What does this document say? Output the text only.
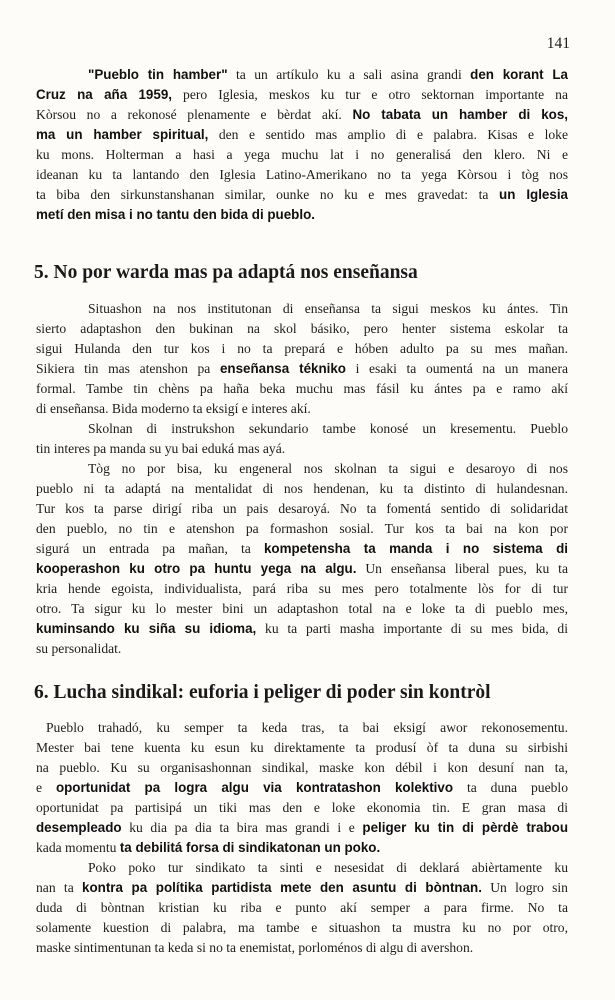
141
"Pueblo tin hamber" ta un artíkulo ku a sali asina grandi den korant La
Cruz na aña 1959, pero Iglesia, meskos ku tur e otro sektornan importante na
Kòrsou no a rekonosé plenamente e bèrdat akí. No tabata un hamber di kos,
ma un hamber spiritual, den e sentido mas amplio di e palabra. Kisas e loke
ku mons. Holterman a hasi a yega muchu lat i no generalisá den klero. Ni e
ideanan ku ta lantando den Iglesia Latino-Amerikano no ta yega Kòrsou i tòg nos
ta biba den sirkunstanshanan similar, ounke no ku e mes gravedat: ta un Iglesia
metí den misa i no tantu den bida di pueblo.
5. No por warda mas pa adaptá nos enseñansa
Situashon na nos institutonan di enseñansa ta sigui meskos ku ántes. Tin
sierto adaptashon den bukinan na skol básiko, pero henter sistema eskolar ta
sigui Hulanda den tur kos i no ta prepará e hóben adulto pa su mes mañan.
Sikiera tin mas atenshon pa enseñansa tékniko i esaki ta oumentá na un manera
formal. Tambe tin chèns pa haña beka muchu mas fásil ku ántes pa e ramo akí
di enseñansa. Bida moderno ta eksigí e interes akí.
Skolnan di instrukshon sekundario tambe konosé un kresementu. Pueblo
tin interes pa manda su yu bai eduká mas ayá.
Tòg no por bisa, ku engeneral nos skolnan ta sigui e desaroyo di nos
pueblo ni ta adaptá na mentalidat di nos hendenan, ku ta distinto di hulandesnan.
Tur kos ta parse dirigí riba un pais desaroyá. No ta fomentá sentido di solidaridat
den pueblo, no tin e atenshon pa formashon sosial. Tur kos ta bai na kon por
sigurá un entrada pa mañan, ta kompetensha ta manda i no sistema di
kooperashon ku otro pa huntu yega na algu. Un enseñansa liberal pues, ku ta
kria hende egoista, individualista, pará riba su mes pero totalmente lòs for di tur
otro. Ta sigur ku lo mester bini un adaptashon total na e loke ta di pueblo mes,
kuminsando ku siña su idioma, ku ta parti masha importante di su mes bida, di
su personalidat.
6. Lucha sindikal: euforia i peliger di poder sin kontròl
Pueblo trahadó, ku semper ta keda tras, ta bai eksigí awor rekonosementu.
Mester bai tene kuenta ku esun ku direktamente ta produsí òf ta duna su sirbishi
na pueblo. Ku su organisashonnan sindikal, maske kon débil i kon desuní nan ta,
e oportunidat pa logra algu via kontratashon kolektivo ta duna pueblo
oportunidat pa partisipá un tiki mas den e loke ekonomia tin. E gran masa di
desempleado ku dia pa dia ta bira mas grandi i e peliger ku tin di pèrdè trabou
kada momentu ta debilitá forsa di sindikatonan un poko.
Poko poko tur sindikato ta sinti e nesesidat di deklará abièrtamente ku
nan ta kontra pa polítika partidista mete den asuntu di bòntnan. Un logro sin
duda di bòntnan kristian ku riba e punto akí semper a para firme. No ta
solamente kuestion di palabra, ma tambe e situashon ta mustra ku no por otro,
maske sintimentunan ta keda si no ta enemistat, porloménos di algu di avershon.
